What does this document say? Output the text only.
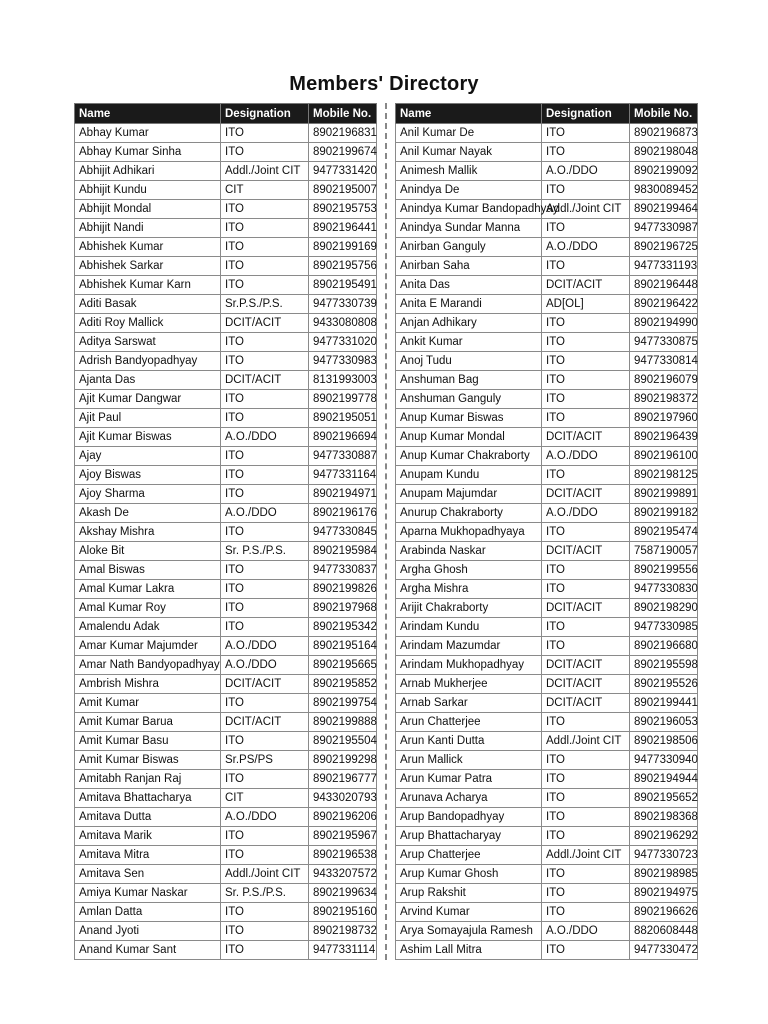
Members' Directory
Name	Designation	Mobile No.
Abhay Kumar	ITO	8902196831
Abhay Kumar Sinha	ITO	8902199674
Abhijit Adhikari	Addl./Joint CIT	9477331420
Abhijit Kundu	CIT	8902195007
Abhijit Mondal	ITO	8902195753
Abhijit Nandi	ITO	8902196441
Abhishek Kumar	ITO	8902199169
Abhishek Sarkar	ITO	8902195756
Abhishek Kumar Karn	ITO	8902195491
Aditi Basak	Sr.P.S./P.S.	9477330739
Aditi Roy Mallick	DCIT/ACIT	9433080808
Aditya Sarswat	ITO	9477331020
Adrish Bandyopadhyay	ITO	9477330983
Ajanta Das	DCIT/ACIT	8131993003
Ajit Kumar Dangwar	ITO	8902199778
Ajit Paul	ITO	8902195051
Ajit Kumar Biswas	A.O./DDO	8902196694
Ajay	ITO	9477330887
Ajoy Biswas	ITO	9477331164
Ajoy Sharma	ITO	8902194971
Akash De	A.O./DDO	8902196176
Akshay Mishra	ITO	9477330845
Aloke Bit	Sr. P.S./P.S.	8902195984
Amal Biswas	ITO	9477330837
Amal Kumar Lakra	ITO	8902199826
Amal Kumar Roy	ITO	8902197968
Amalendu Adak	ITO	8902195342
Amar Kumar Majumder	A.O./DDO	8902195164
Amar Nath Bandyopadhyay	A.O./DDO	8902195665
Ambrish Mishra	DCIT/ACIT	8902195852
Amit Kumar	ITO	8902199754
Amit Kumar Barua	DCIT/ACIT	8902199888
Amit Kumar Basu	ITO	8902195504
Amit Kumar Biswas	Sr.PS/PS	8902199298
Amitabh Ranjan Raj	ITO	8902196777
Amitava Bhattacharya	CIT	9433020793
Amitava Dutta	A.O./DDO	8902196206
Amitava Marik	ITO	8902195967
Amitava Mitra	ITO	8902196538
Amitava Sen	Addl./Joint CIT	9433207572
Amiya Kumar Naskar	Sr. P.S./P.S.	8902199634
Amlan Datta	ITO	8902195160
Anand Jyoti	ITO	8902198732
Anand Kumar Sant	ITO	9477331114
Name	Designation	Mobile No.
Anil Kumar De	ITO	8902196873
Anil Kumar Nayak	ITO	8902198048
Animesh Mallik	A.O./DDO	8902199092
Anindya De	ITO	9830089452
Anindya Kumar Bandopadhyay	Addl./Joint CIT	8902199464
Anindya Sundar Manna	ITO	9477330987
Anirban Ganguly	A.O./DDO	8902196725
Anirban Saha	ITO	9477331193
Anita Das	DCIT/ACIT	8902196448
Anita E Marandi	AD[OL]	8902196422
Anjan Adhikary	ITO	8902194990
Ankit Kumar	ITO	9477330875
Anoj Tudu	ITO	9477330814
Anshuman Bag	ITO	8902196079
Anshuman Ganguly	ITO	8902198372
Anup Kumar Biswas	ITO	8902197960
Anup Kumar Mondal	DCIT/ACIT	8902196439
Anup Kumar Chakraborty	A.O./DDO	8902196100
Anupam Kundu	ITO	8902198125
Anupam Majumdar	DCIT/ACIT	8902199891
Anurup Chakraborty	A.O./DDO	8902199182
Aparna Mukhopadhyaya	ITO	8902195474
Arabinda Naskar	DCIT/ACIT	7587190057
Argha Ghosh	ITO	8902199556
Argha Mishra	ITO	9477330830
Arijit Chakraborty	DCIT/ACIT	8902198290
Arindam Kundu	ITO	9477330985
Arindam Mazumdar	ITO	8902196680
Arindam Mukhopadhyay	DCIT/ACIT	8902195598
Arnab Mukherjee	DCIT/ACIT	8902195526
Arnab Sarkar	DCIT/ACIT	8902199441
Arun Chatterjee	ITO	8902196053
Arun Kanti Dutta	Addl./Joint CIT	8902198506
Arun Mallick	ITO	9477330940
Arun Kumar Patra	ITO	8902194944
Arunava Acharya	ITO	8902195652
Arup Bandopadhyay	ITO	8902198368
Arup Bhattacharyay	ITO	8902196292
Arup Chatterjee	Addl./Joint CIT	9477330723
Arup Kumar Ghosh	ITO	8902198985
Arup Rakshit	ITO	8902194975
Arvind Kumar	ITO	8902196626
Arya Somayajula Ramesh	A.O./DDO	8820608448
Ashim Lall Mitra	ITO	9477330472
